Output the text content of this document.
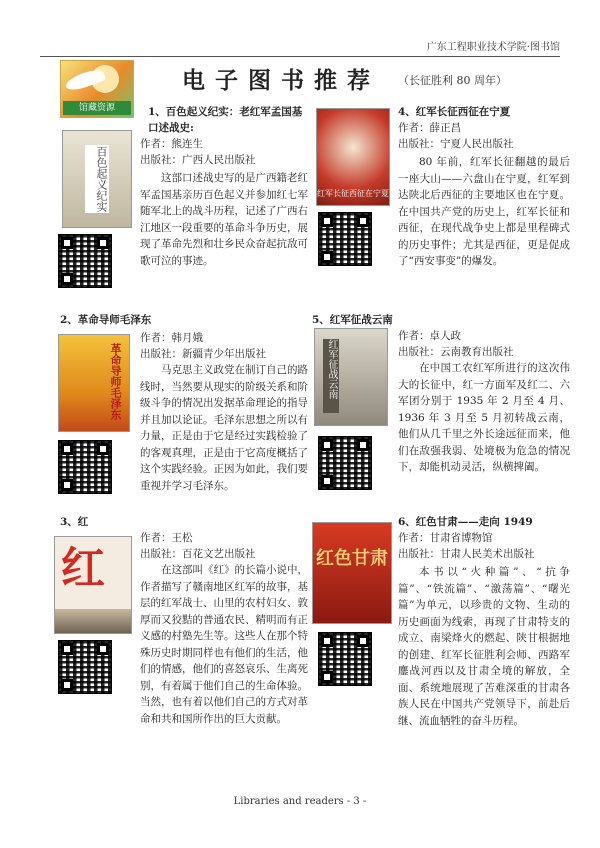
广东工程职业技术学院·图书馆
馆藏资源
电子图书推荐 （长征胜利 80 周年）
1、百色起义纪实：老红军孟国基口述战史:
作者：熊连生
出版社：广西人民出版社
百色起义纪实	这部口述战史写的是广西籍老红军孟国基亲历百色起义并参加红七军随军北上的战斗历程，记述了广西右江地区一段重要的革命斗争历史，展现了革命先烈和壮乡民众奋起抗敌可歌可泣的事迹。
4、红军长征西征在宁夏
作者：薛正昌
出版社：宁夏人民出版社
红军长征西征在宁夏
80 年前，红军长征翻越的最后一座大山——六盘山在宁夏，红军到达陕北后西征的主要地区也在宁夏。在中国共产党的历史上，红军长征和西征，在现代战争史上都是里程碑式的历史事件；尤其是西征，更是促成了“西安事变”的爆发。
2、革命导师毛泽东
作者：韩月娥
出版社：新疆青少年出版社
革命导师毛泽东	马克思主义政党在制订自己的路线时，当然要从现实的阶级关系和阶级斗争的情况出发据革命理论的指导并且加以论证。毛泽东思想之所以有力量，正是由于它是经过实践检验了的客观真理，正是由于它高度概括了这个实践经验。正因为如此，我们要重视并学习毛泽东。
5、红军征战云南
作者：卓人政
出版社：云南教育出版社
红军征战云南	在中国工农红军所进行的这次伟大的长征中，红一方面军及红二、六军团分别于 1935 年 2 月至 4 月、1936 年 3 月至 5 月初转战云南，他们从几千里之外长途远征而来，他们在敌强我弱、处境极为危急的情况下，却能机动灵活，纵横捭阖。
3、红
作者：王松
出版社：百花文艺出版社
红	在这部叫《红》的长篇小说中，作者描写了赣南地区红军的故事，基层的红军战士、山里的农村妇女、敦厚而又狡黠的普通农民、精明而有正义感的村塾先生等。这些人在那个特殊历史时期同样也有他们的生活，他们的情感，他们的喜怒哀乐、生离死别，有着属于他们自己的生命体验。当然，也有着以他们自己的方式对革命和共和国所作出的巨大贡献。
6、红色甘肃——走向 1949
作者：甘肃省博物馆
出版社：甘肃人民美术出版社
红色甘肃
本书以“火种篇”、“抗争篇”、“铁流篇”、“激荡篇”、“曙光篇”为单元，以珍贵的文物、生动的历史画面为线索，再现了甘肃特支的成立、南梁烽火的燃起、陕甘根据地的创建、红军长征胜利会师、西路军鏖战河西以及甘肃全境的解放，全面、系统地展现了苦难深重的甘肃各族人民在中国共产党领导下，前赴后继、流血牺牲的奋斗历程。
Libraries and readers - 3 -
